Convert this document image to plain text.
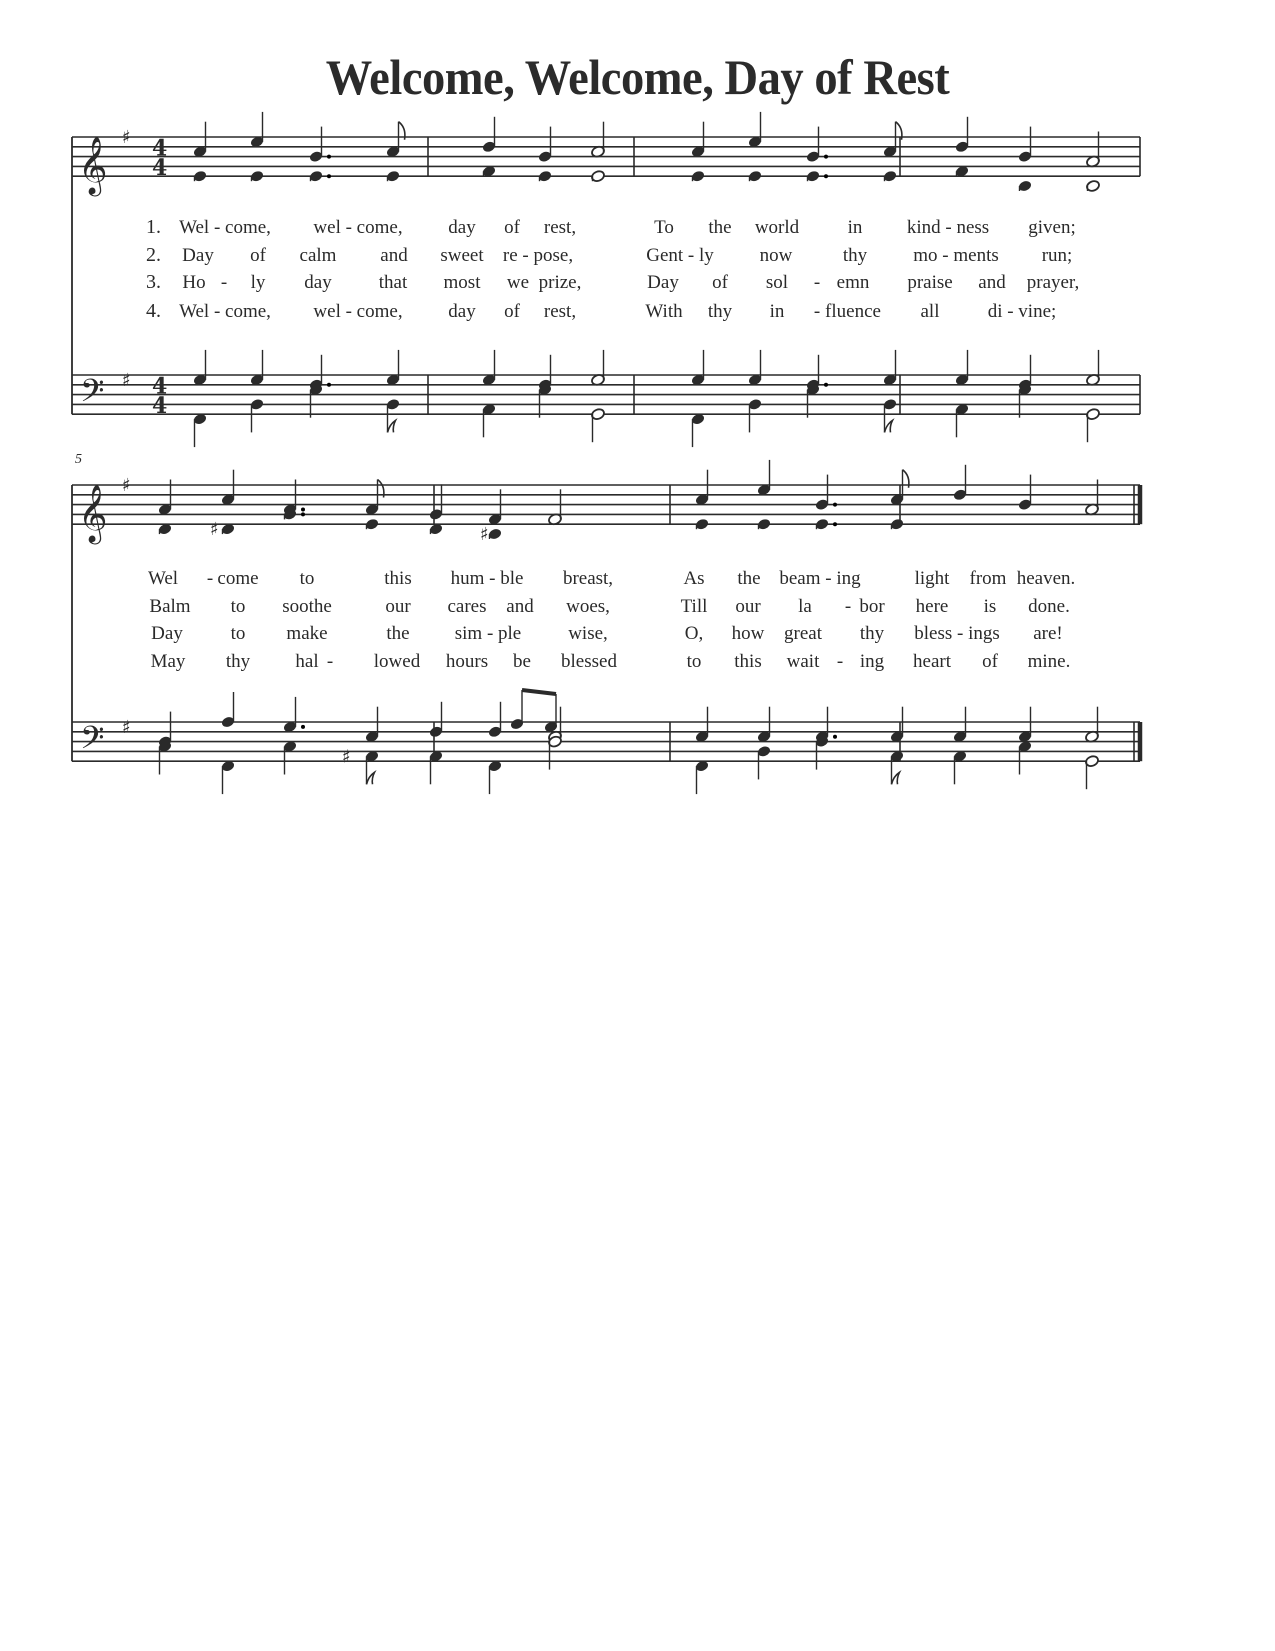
Welcome, Welcome, Day of Rest
𝄞
𝄢
♯
♯
4
4
4
4
𝄞
𝄢
♯
♯
♯	♯
♯
1. Wel - come, wel - come, day of rest,	To the world	in kind - ness given;
2. Day of calm and sweet re - pose,	Gent - ly now	thy mo - ments run;
3. Ho - ly day that most we prize,	Day of sol - emn praise and prayer,
4. Wel - come, wel - come, day of rest,	With thy in - fluence all	di - vine;
Wel - come to	this hum - ble breast,	As the beam - ing	light from heaven.
Balm to soothe	our cares and woes,	Till our la - bor here is done.
Day	to make	the sim - ple wise,	O, how great thy bless - ings are!
May thy hal - lowed hours be blessed	to this wait - ing heart of mine.
5
